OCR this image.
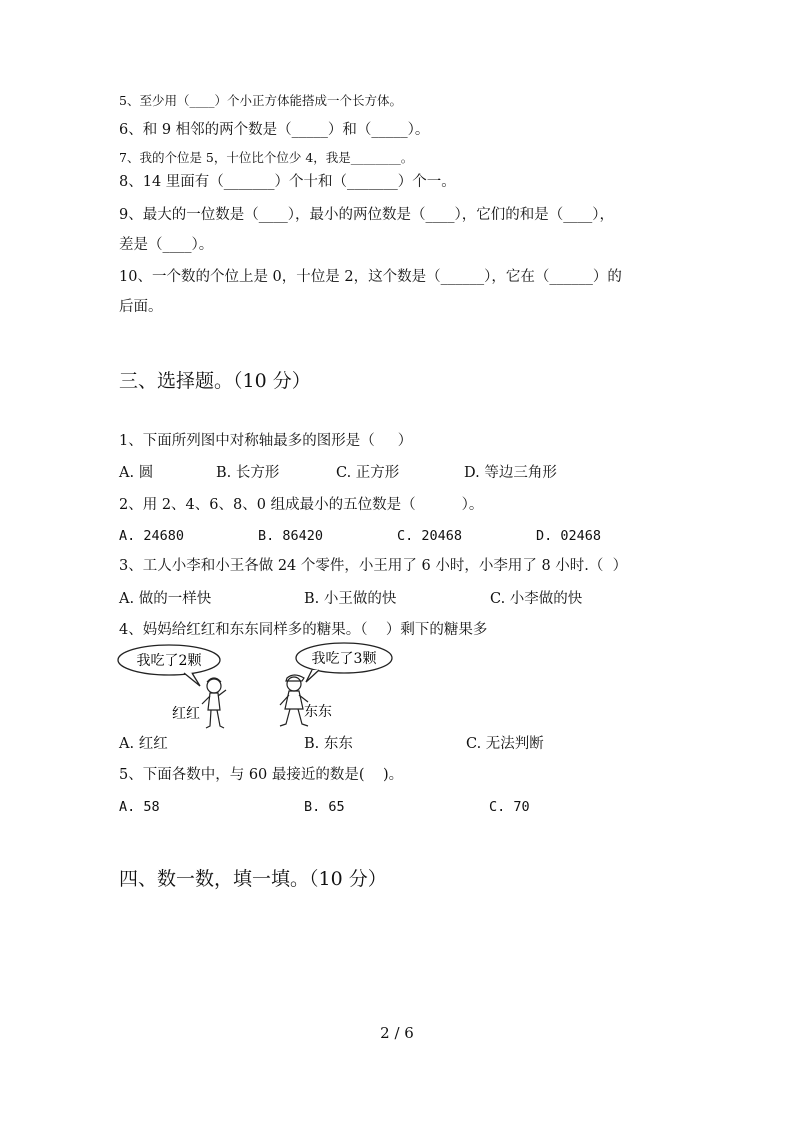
5、至少用（____）个小正方体能搭成一个长方体。
6、和 9 相邻的两个数是（_____）和（_____）。
7、我的个位是 5，十位比个位少 4，我是________。
8、14 里面有（_______）个十和（_______）个一。
9、最大的一位数是（____），最小的两位数是（____），它们的和是（____），
差是（____）。
10、一个数的个位上是 0，十位是 2，这个数是（______），它在（______）的
后面。
三、选择题。（10 分）
1、下面所列图中对称轴最多的图形是（     ）
A. 圆	B. 长方形	C. 正方形	D. 等边三角形
2、用 2、4、6、8、0 组成最小的五位数是（          ）。
A. 24680	B. 86420	C. 20468	D. 02468
3、工人小李和小王各做 24 个零件，小王用了 6 小时，小李用了 8 小时.（  ）
A. 做的一样快	B. 小王做的快	C. 小李做的快
4、妈妈给红红和东东同样多的糖果。（    ）剩下的糖果多
我吃了2颗	我吃了3颗
红红	东东
A. 红红	B. 东东	C. 无法判断
5、下面各数中，与 60 最接近的数是(    )。
A. 58	B. 65	C. 70
四、数一数，填一填。（10 分）
2 / 6
